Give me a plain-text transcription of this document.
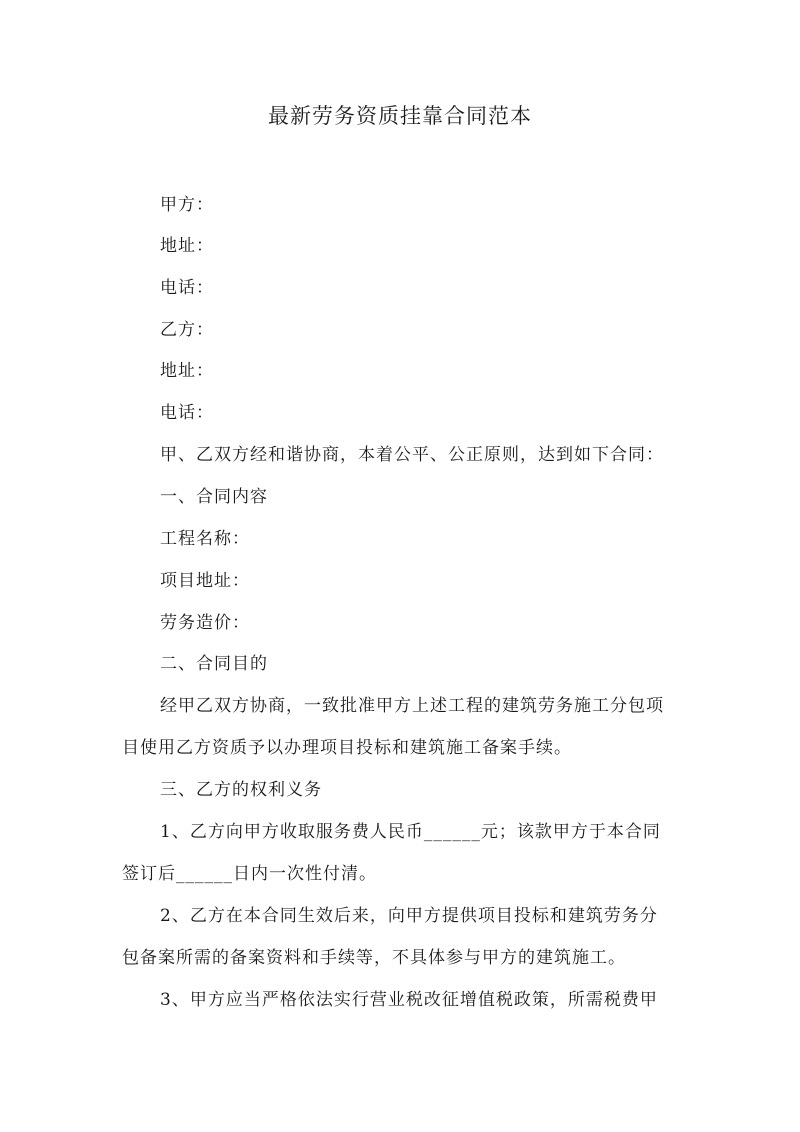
最新劳务资质挂靠合同范本
甲方：
地址：
电话：
乙方：
地址：
电话：
甲、乙双方经和谐协商，本着公平、公正原则，达到如下合同：
一、合同内容
工程名称：
项目地址：
劳务造价：
二、合同目的
经甲乙双方协商，一致批准甲方上述工程的建筑劳务施工分包项
目使用乙方资质予以办理项目投标和建筑施工备案手续。
三、乙方的权利义务
1、乙方向甲方收取服务费人民币______元；该款甲方于本合同
签订后______日内一次性付清。
2、乙方在本合同生效后来，向甲方提供项目投标和建筑劳务分
包备案所需的备案资料和手续等，不具体参与甲方的建筑施工。
3、甲方应当严格依法实行营业税改征增值税政策，所需税费甲
